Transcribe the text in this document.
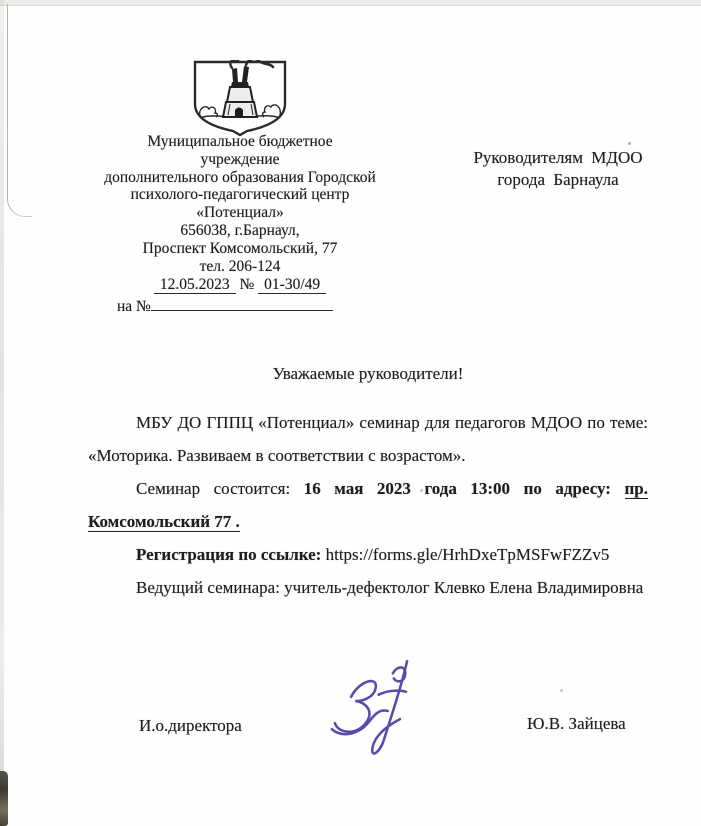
Муниципальное бюджетное
учреждение
дополнительного образования Городской
психолого-педагогический центр
«Потенциал»
656038, г.Барнаул,
Проспект Комсомольский, 77
тел. 206-124
12.05.2023 № 01-30/49
на №
Руководителям МДОО
города Барнаула
Уважаемые руководители!
МБУ ДО ГППЦ «Потенциал» семинар для педагогов МДОО по теме:
«Моторика. Развиваем в соответствии с возрастом».
Семинар состоится: 16 мая 2023 года 13:00 по адресу: пр.
Комсомольский 77 .
Регистрация по ссылке: https://forms.gle/HrhDxeTpMSFwFZZv5
Ведущий семинара: учитель-дефектолог Клевко Елена Владимировна
И.о.директора	Ю.В. Зайцева
